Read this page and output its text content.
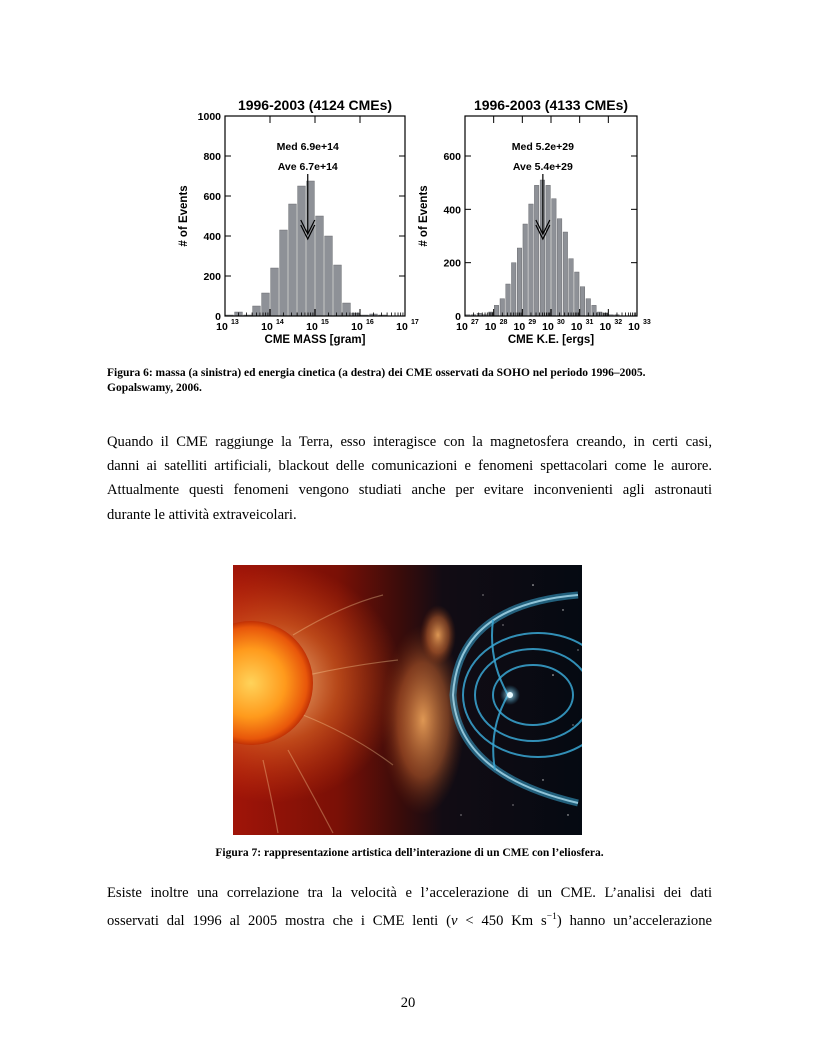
1996-2003 (4124 CMEs)
0
200
400
600
800
1000
10 13 10 14 10 15 10 16 10 17
CME MASS [gram]
# of Events
Med 6.9e+14
Ave 6.7e+14
1996-2003 (4133 CMEs)
0
200
400
600
10 27 10 28 10 29 10 30 10 31 10 32 10 33
CME K.E. [ergs]
# of Events
Med 5.2e+29
Ave 5.4e+29
Figura 6: massa (a sinistra) ed energia cinetica (a destra) dei CME osservati da SOHO nel periodo 1996–2005. Gopalswamy, 2006.
Quando il CME raggiunge la Terra, esso interagisce con la magnetosfera creando, in certi casi,
danni ai satelliti artificiali, blackout delle comunicazioni e fenomeni spettacolari come le aurore.
Attualmente questi fenomeni vengono studiati anche per evitare inconvenienti agli astronauti
durante le attività extraveicolari.
Figura 7: rappresentazione artistica dell’interazione di un CME con l’eliosfera.
Esiste inoltre una correlazione tra la velocità e l’accelerazione di un CME. L’analisi dei dati
osservati dal 1996 al 2005 mostra che i CME lenti (v < 450 Km $s^{-1}$) hanno un’accelerazione
20
